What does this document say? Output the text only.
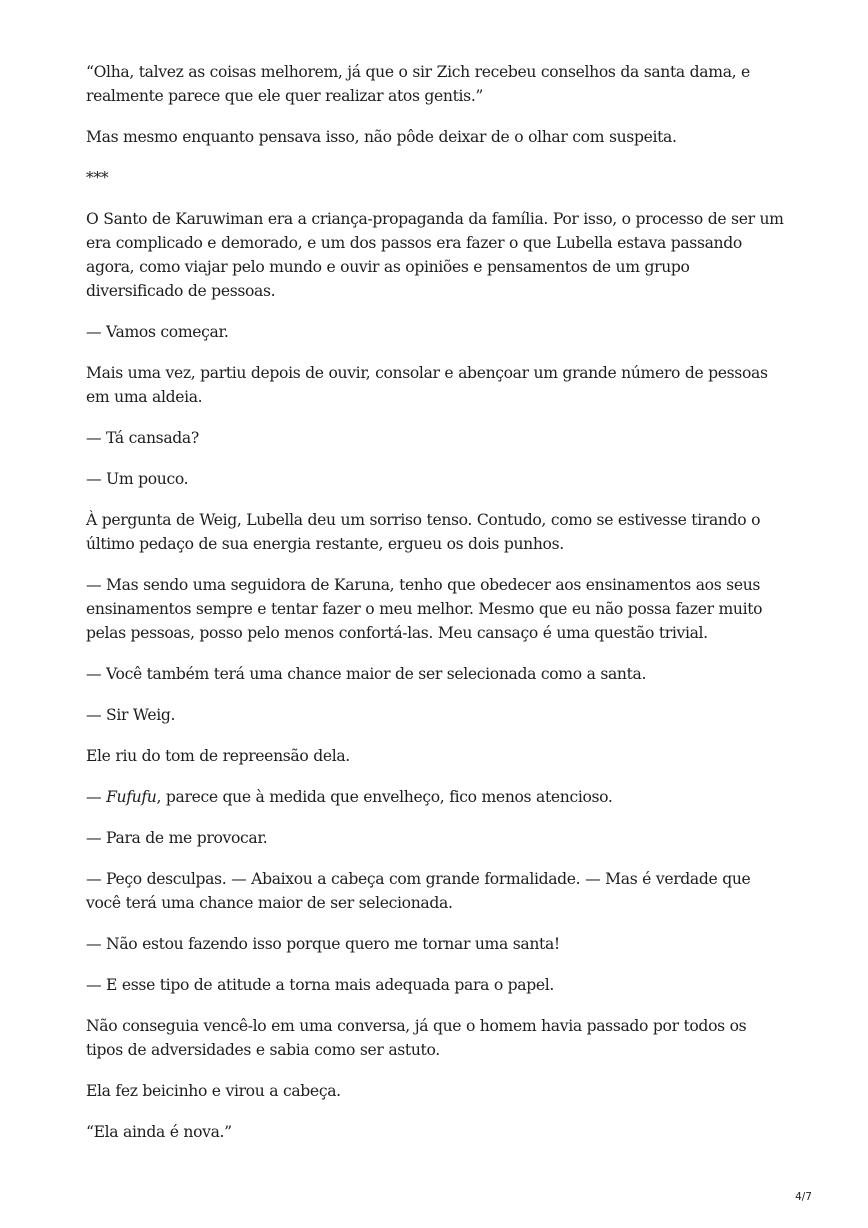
“Olha, talvez as coisas melhorem, já que o sir Zich recebeu conselhos da santa dama, e realmente parece que ele quer realizar atos gentis.”

Mas mesmo enquanto pensava isso, não pôde deixar de o olhar com suspeita.

***

O Santo de Karuwiman era a criança-propaganda da família. Por isso, o processo de ser um era complicado e demorado, e um dos passos era fazer o que Lubella estava passando agora, como viajar pelo mundo e ouvir as opiniões e pensamentos de um grupo diversificado de pessoas.

— Vamos começar.

Mais uma vez, partiu depois de ouvir, consolar e abençoar um grande número de pessoas em uma aldeia.

— Tá cansada?

— Um pouco.

À pergunta de Weig, Lubella deu um sorriso tenso. Contudo, como se estivesse tirando o último pedaço de sua energia restante, ergueu os dois punhos.

— Mas sendo uma seguidora de Karuna, tenho que obedecer aos ensinamentos aos seus ensinamentos sempre e tentar fazer o meu melhor. Mesmo que eu não possa fazer muito pelas pessoas, posso pelo menos confortá-las. Meu cansaço é uma questão trivial.

— Você também terá uma chance maior de ser selecionada como a santa.

— Sir Weig.

Ele riu do tom de repreensão dela.

— Fufufu, parece que à medida que envelheço, fico menos atencioso.

— Para de me provocar.

— Peço desculpas. — Abaixou a cabeça com grande formalidade. — Mas é verdade que você terá uma chance maior de ser selecionada.

— Não estou fazendo isso porque quero me tornar uma santa!

— E esse tipo de atitude a torna mais adequada para o papel.

Não conseguia vencê-lo em uma conversa, já que o homem havia passado por todos os tipos de adversidades e sabia como ser astuto.

Ela fez beicinho e virou a cabeça.

“Ela ainda é nova.”

4/7
